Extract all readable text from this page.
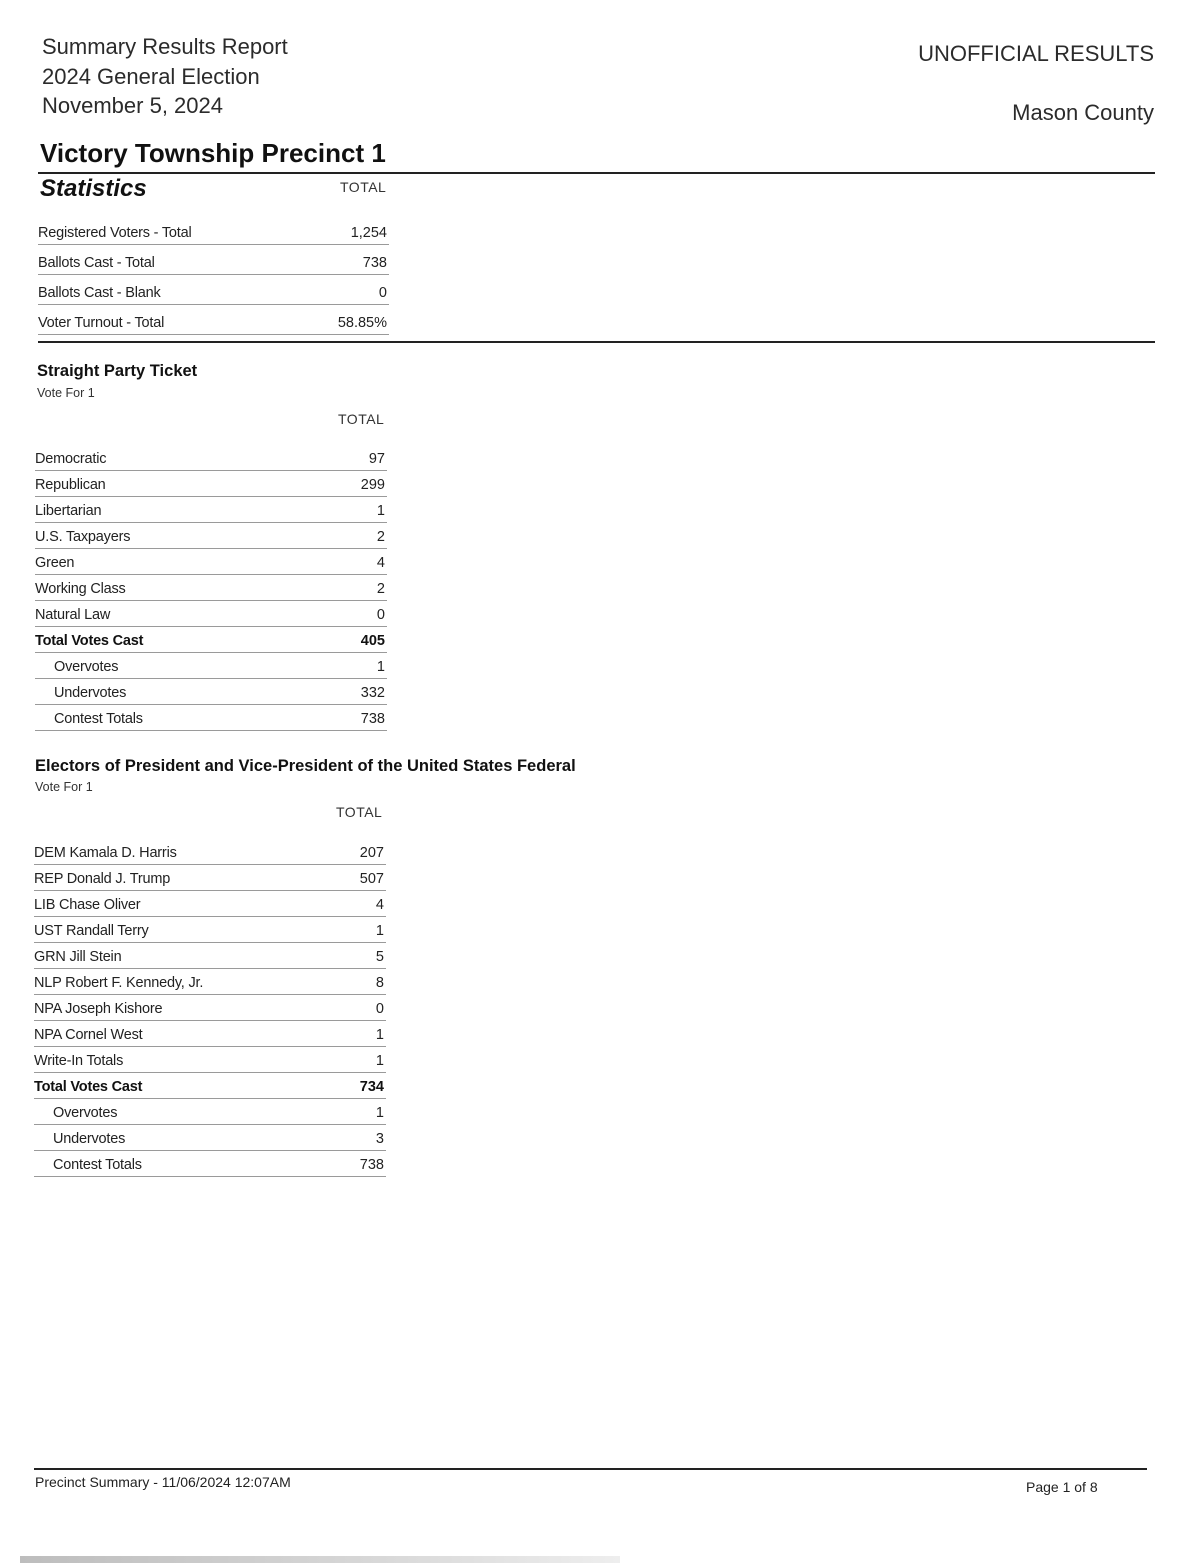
Summary Results Report
2024 General Election
November 5, 2024
UNOFFICIAL RESULTS
Mason County
Victory Township Precinct 1
Statistics	TOTAL
Registered Voters - Total	1,254
Ballots Cast - Total	738
Ballots Cast - Blank	0
Voter Turnout - Total	58.85%
Straight Party Ticket
Vote For 1
TOTAL
Democratic	97
Republican	299
Libertarian	1
U.S. Taxpayers	2
Green	4
Working Class	2
Natural Law	0
Total Votes Cast	405
Overvotes	1
Undervotes	332
Contest Totals	738
Electors of President and Vice-President of the United States Federal
Vote For 1
TOTAL
DEM Kamala D. Harris	207
REP Donald J. Trump	507
LIB Chase Oliver	4
UST Randall Terry	1
GRN Jill Stein	5
NLP Robert F. Kennedy, Jr.	8
NPA Joseph Kishore	0
NPA Cornel West	1
Write-In Totals	1
Total Votes Cast	734
Overvotes	1
Undervotes	3
Contest Totals	738
Precinct Summary - 11/06/2024 12:07AM	Page 1 of 8
